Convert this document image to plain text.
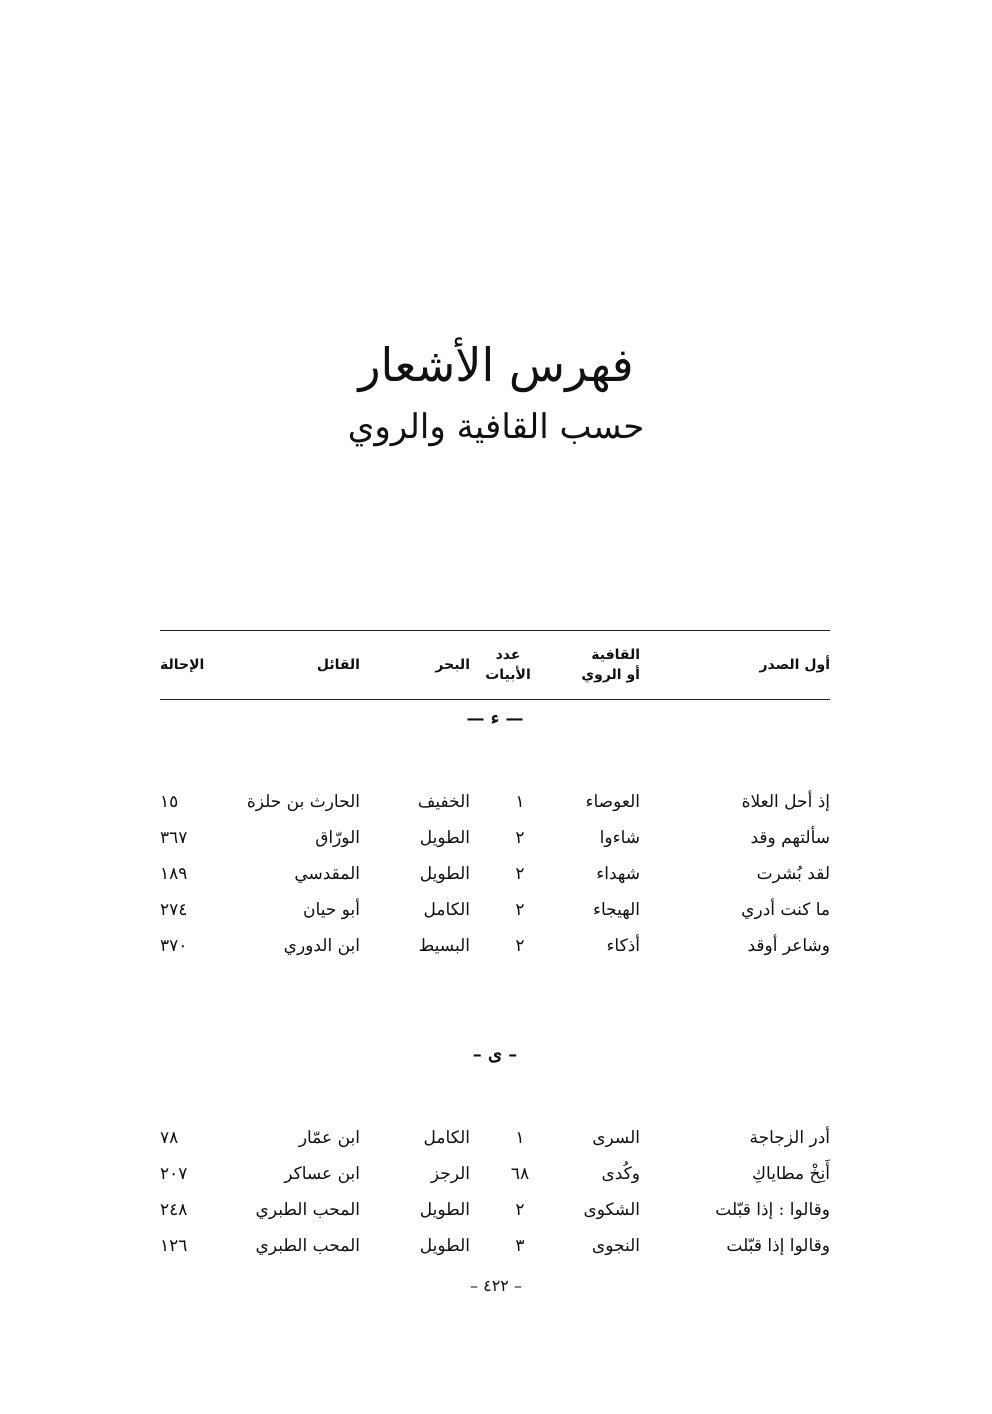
فهرس الأشعار
حسب القافية والروي
أول الصدر
القافية
أو الروي
عدد
الأبيات
البحر
القائل
الإحالة
— ء —
إذ أحل العلاة
العوصاء
١
الخفيف
الحارث بن حلزة
١٥
سألتهم وقد
شاءوا
٢
الطويل
الورّاق
٣٦٧
لقد بُشرت
شهداء
٢
الطويل
المقدسي
١٨٩
ما كنت أدري
الهيجاء
٢
الكامل
أبو حيان
٢٧٤
وشاعر أوقد
أذكاء
٢
البسيط
ابن الدوري
٣٧٠
– ى –
أدر الزجاجة
السرى
١
الكامل
ابن عمّار
٧٨
أَنِخْ مطاياكِ
وكُدى
٦٨
الرجز
ابن عساكر
٢٠٧
وقالوا : إذا قبّلت
الشكوى
٢
الطويل
المحب الطبري
٢٤٨
وقالوا إذا قبّلت
النجوى
٣
الطويل
المحب الطبري
١٢٦
– ٤٢٢ –
